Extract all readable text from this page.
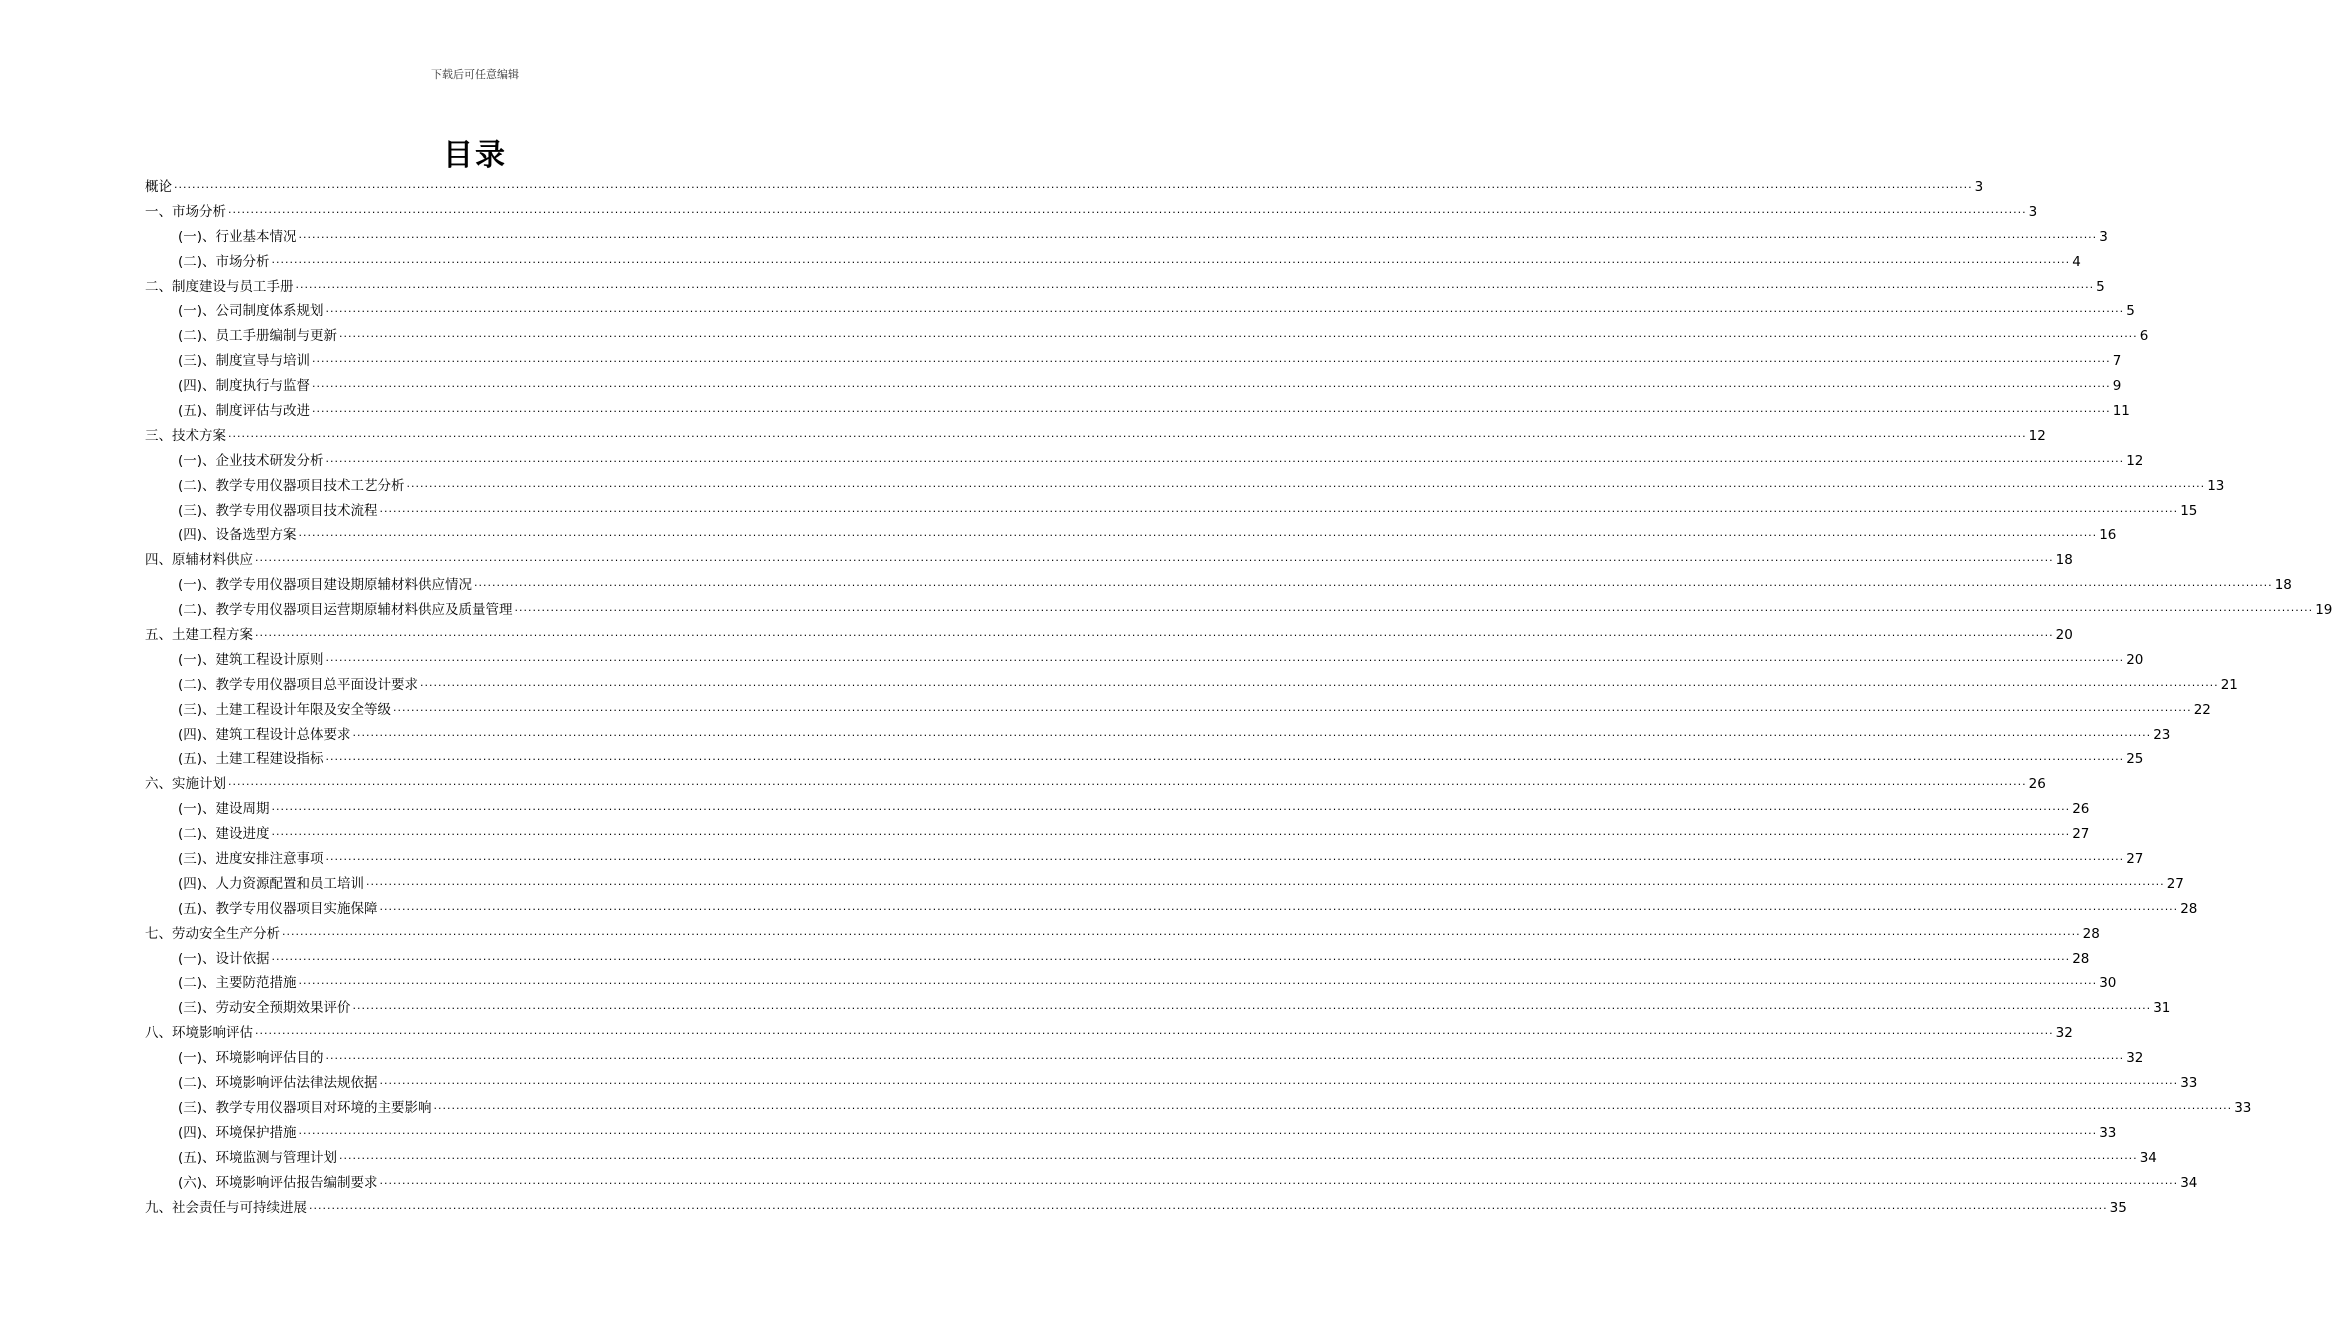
下载后可任意编辑
目录
概论 ................................................................................................................................................................................................................................................................................................................................................................................................................ 3
一、市场分析 ................................................................................................................................................................................................................................................................................................................................................................................................................ 3
(一)、行业基本情况 ................................................................................................................................................................................................................................................................................................................................................................................................................ 3
(二)、市场分析 ................................................................................................................................................................................................................................................................................................................................................................................................................ 4
二、制度建设与员工手册 ................................................................................................................................................................................................................................................................................................................................................................................................................ 5
(一)、公司制度体系规划 ................................................................................................................................................................................................................................................................................................................................................................................................................ 5
(二)、员工手册编制与更新 ................................................................................................................................................................................................................................................................................................................................................................................................................ 6
(三)、制度宣导与培训 ................................................................................................................................................................................................................................................................................................................................................................................................................ 7
(四)、制度执行与监督 ................................................................................................................................................................................................................................................................................................................................................................................................................ 9
(五)、制度评估与改进 ................................................................................................................................................................................................................................................................................................................................................................................................................ 11
三、技术方案 ................................................................................................................................................................................................................................................................................................................................................................................................................ 12
(一)、企业技术研发分析 ................................................................................................................................................................................................................................................................................................................................................................................................................ 12
(二)、教学专用仪器项目技术工艺分析 ................................................................................................................................................................................................................................................................................................................................................................................................................ 13
(三)、教学专用仪器项目技术流程 ................................................................................................................................................................................................................................................................................................................................................................................................................ 15
(四)、设备选型方案 ................................................................................................................................................................................................................................................................................................................................................................................................................ 16
四、原辅材料供应 ................................................................................................................................................................................................................................................................................................................................................................................................................ 18
(一)、教学专用仪器项目建设期原辅材料供应情况 ................................................................................................................................................................................................................................................................................................................................................................................................................ 18
(二)、教学专用仪器项目运营期原辅材料供应及质量管理 ................................................................................................................................................................................................................................................................................................................................................................................................................ 19
五、土建工程方案 ................................................................................................................................................................................................................................................................................................................................................................................................................ 20
(一)、建筑工程设计原则 ................................................................................................................................................................................................................................................................................................................................................................................................................ 20
(二)、教学专用仪器项目总平面设计要求 ................................................................................................................................................................................................................................................................................................................................................................................................................ 21
(三)、土建工程设计年限及安全等级 ................................................................................................................................................................................................................................................................................................................................................................................................................ 22
(四)、建筑工程设计总体要求 ................................................................................................................................................................................................................................................................................................................................................................................................................ 23
(五)、土建工程建设指标 ................................................................................................................................................................................................................................................................................................................................................................................................................ 25
六、实施计划 ................................................................................................................................................................................................................................................................................................................................................................................................................ 26
(一)、建设周期 ................................................................................................................................................................................................................................................................................................................................................................................................................ 26
(二)、建设进度 ................................................................................................................................................................................................................................................................................................................................................................................................................ 27
(三)、进度安排注意事项 ................................................................................................................................................................................................................................................................................................................................................................................................................ 27
(四)、人力资源配置和员工培训 ................................................................................................................................................................................................................................................................................................................................................................................................................ 27
(五)、教学专用仪器项目实施保障 ................................................................................................................................................................................................................................................................................................................................................................................................................ 28
七、劳动安全生产分析 ................................................................................................................................................................................................................................................................................................................................................................................................................ 28
(一)、设计依据 ................................................................................................................................................................................................................................................................................................................................................................................................................ 28
(二)、主要防范措施 ................................................................................................................................................................................................................................................................................................................................................................................................................ 30
(三)、劳动安全预期效果评价 ................................................................................................................................................................................................................................................................................................................................................................................................................ 31
八、环境影响评估 ................................................................................................................................................................................................................................................................................................................................................................................................................ 32
(一)、环境影响评估目的 ................................................................................................................................................................................................................................................................................................................................................................................................................ 32
(二)、环境影响评估法律法规依据 ................................................................................................................................................................................................................................................................................................................................................................................................................ 33
(三)、教学专用仪器项目对环境的主要影响 ................................................................................................................................................................................................................................................................................................................................................................................................................ 33
(四)、环境保护措施 ................................................................................................................................................................................................................................................................................................................................................................................................................ 33
(五)、环境监测与管理计划 ................................................................................................................................................................................................................................................................................................................................................................................................................ 34
(六)、环境影响评估报告编制要求 ................................................................................................................................................................................................................................................................................................................................................................................................................ 34
九、社会责任与可持续进展 ................................................................................................................................................................................................................................................................................................................................................................................................................ 35
